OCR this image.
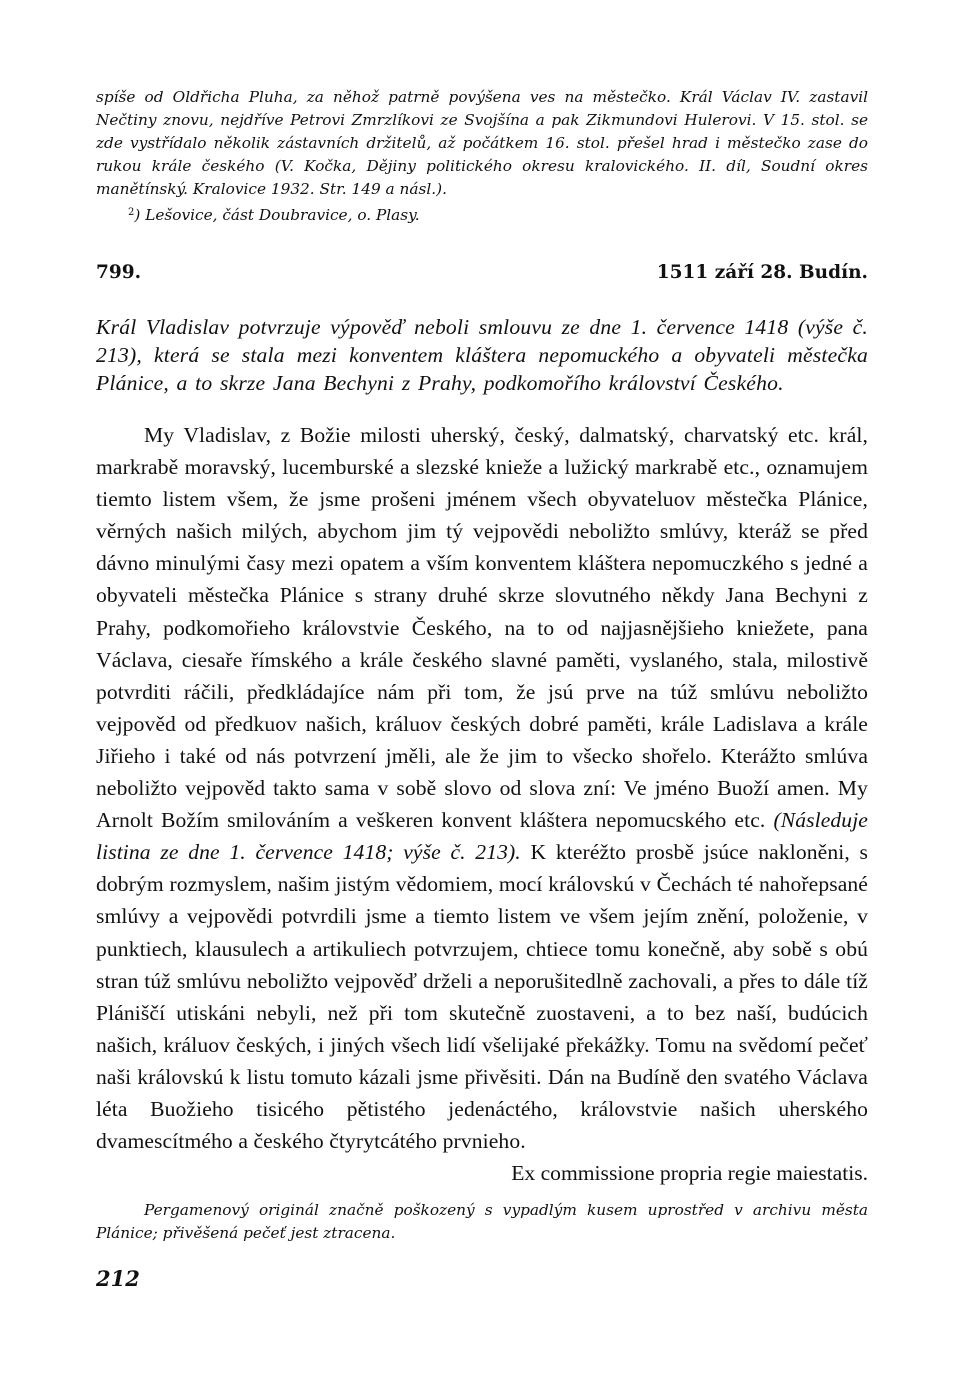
spíše od Oldřicha Pluha, za něhož patrně povýšena ves na městečko. Král Václav IV. zastavil Nečtiny znovu, nejdříve Petrovi Zmrzlíkovi ze Svojšína a pak Zikmundovi Hulerovi. V 15. stol. se zde vystřídalo několik zástavních držitelů, až počátkem 16. stol. přešel hrad i městečko zase do rukou krále českého (V. Kočka, Dějiny politického okresu kralovického. II. díl, Soudní okres manětínský. Kralovice 1932. Str. 149 a násl.).

$^2$) Lešovice, část Doubravice, o. Plasy.

799.	1511 září 28. Budín.

Král Vladislav potvrzuje výpověď neboli smlouvu ze dne 1. července 1418 (výše č. 213), která se stala mezi konventem kláštera nepomuckého a obyvateli městečka Plánice, a to skrze Jana Bechyni z Prahy, podkomořího království Českého.

My Vladislav, z Božie milosti uherský, český, dalmatský, charvatský etc. král, markrabě moravský, lucemburské a slezské knieže a lužický markrabě etc., oznamujem tiemto listem všem, že jsme prošeni jménem všech obyvateluov městečka Plánice, věrných našich milých, abychom jim tý vejpovědi neboližto smlúvy, kteráž se před dávno minulými časy mezi opatem a vším konventem kláštera nepomuczkého s jedné a obyvateli městečka Plánice s strany druhé skrze slovutného někdy Jana Bechyni z Prahy, podkomořieho královstvie Českého, na to od najjasnějšieho kniežete, pana Václava, ciesaře římského a krále českého slavné paměti, vyslaného, stala, milostivě potvrditi ráčili, předkládajíce nám při tom, že jsú prve na túž smlúvu neboližto vejpověd od předkuov našich, králuov českých dobré paměti, krále Ladislava a krále Jiřieho i také od nás potvrzení jměli, ale že jim to všecko shořelo. Kterážto smlúva neboližto vejpověd takto sama v sobě slovo od slova zní: Ve jméno Buoží amen. My Arnolt Božím smilováním a veškeren konvent kláštera nepomucského etc. (Následuje listina ze dne 1. července 1418; výše č. 213). K kteréžto prosbě jsúce nakloněni, s dobrým rozmyslem, našim jistým vědomiem, mocí královskú v Čechách té nahořepsané smlúvy a vejpovědi potvrdili jsme a tiemto listem ve všem jejím znění, položenie, v punktiech, klausulech a artikuliech potvrzujem, chtiece tomu konečně, aby sobě s obú stran túž smlúvu neboližto vejpověď drželi a neporušitedlně zachovali, a přes to dále tíž Plániščí utiskáni nebyli, než při tom skutečně zuostaveni, a to bez naší, budúcich našich, králuov českých, i jiných všech lidí všelijaké překážky. Tomu na svědomí pečeť naši královskú k listu tomuto kázali jsme přivěsiti. Dán na Budíně den svatého Václava léta Buožieho tisicého pětistého jedenáctého, královstvie našich uherského dvamescítmého a českého čtyrytcátého prvnieho.

Ex commissione propria regie maiestatis.

Pergamenový originál značně poškozený s vypadlým kusem uprostřed v archivu města Plánice; přivěšená pečeť jest ztracena.

212
